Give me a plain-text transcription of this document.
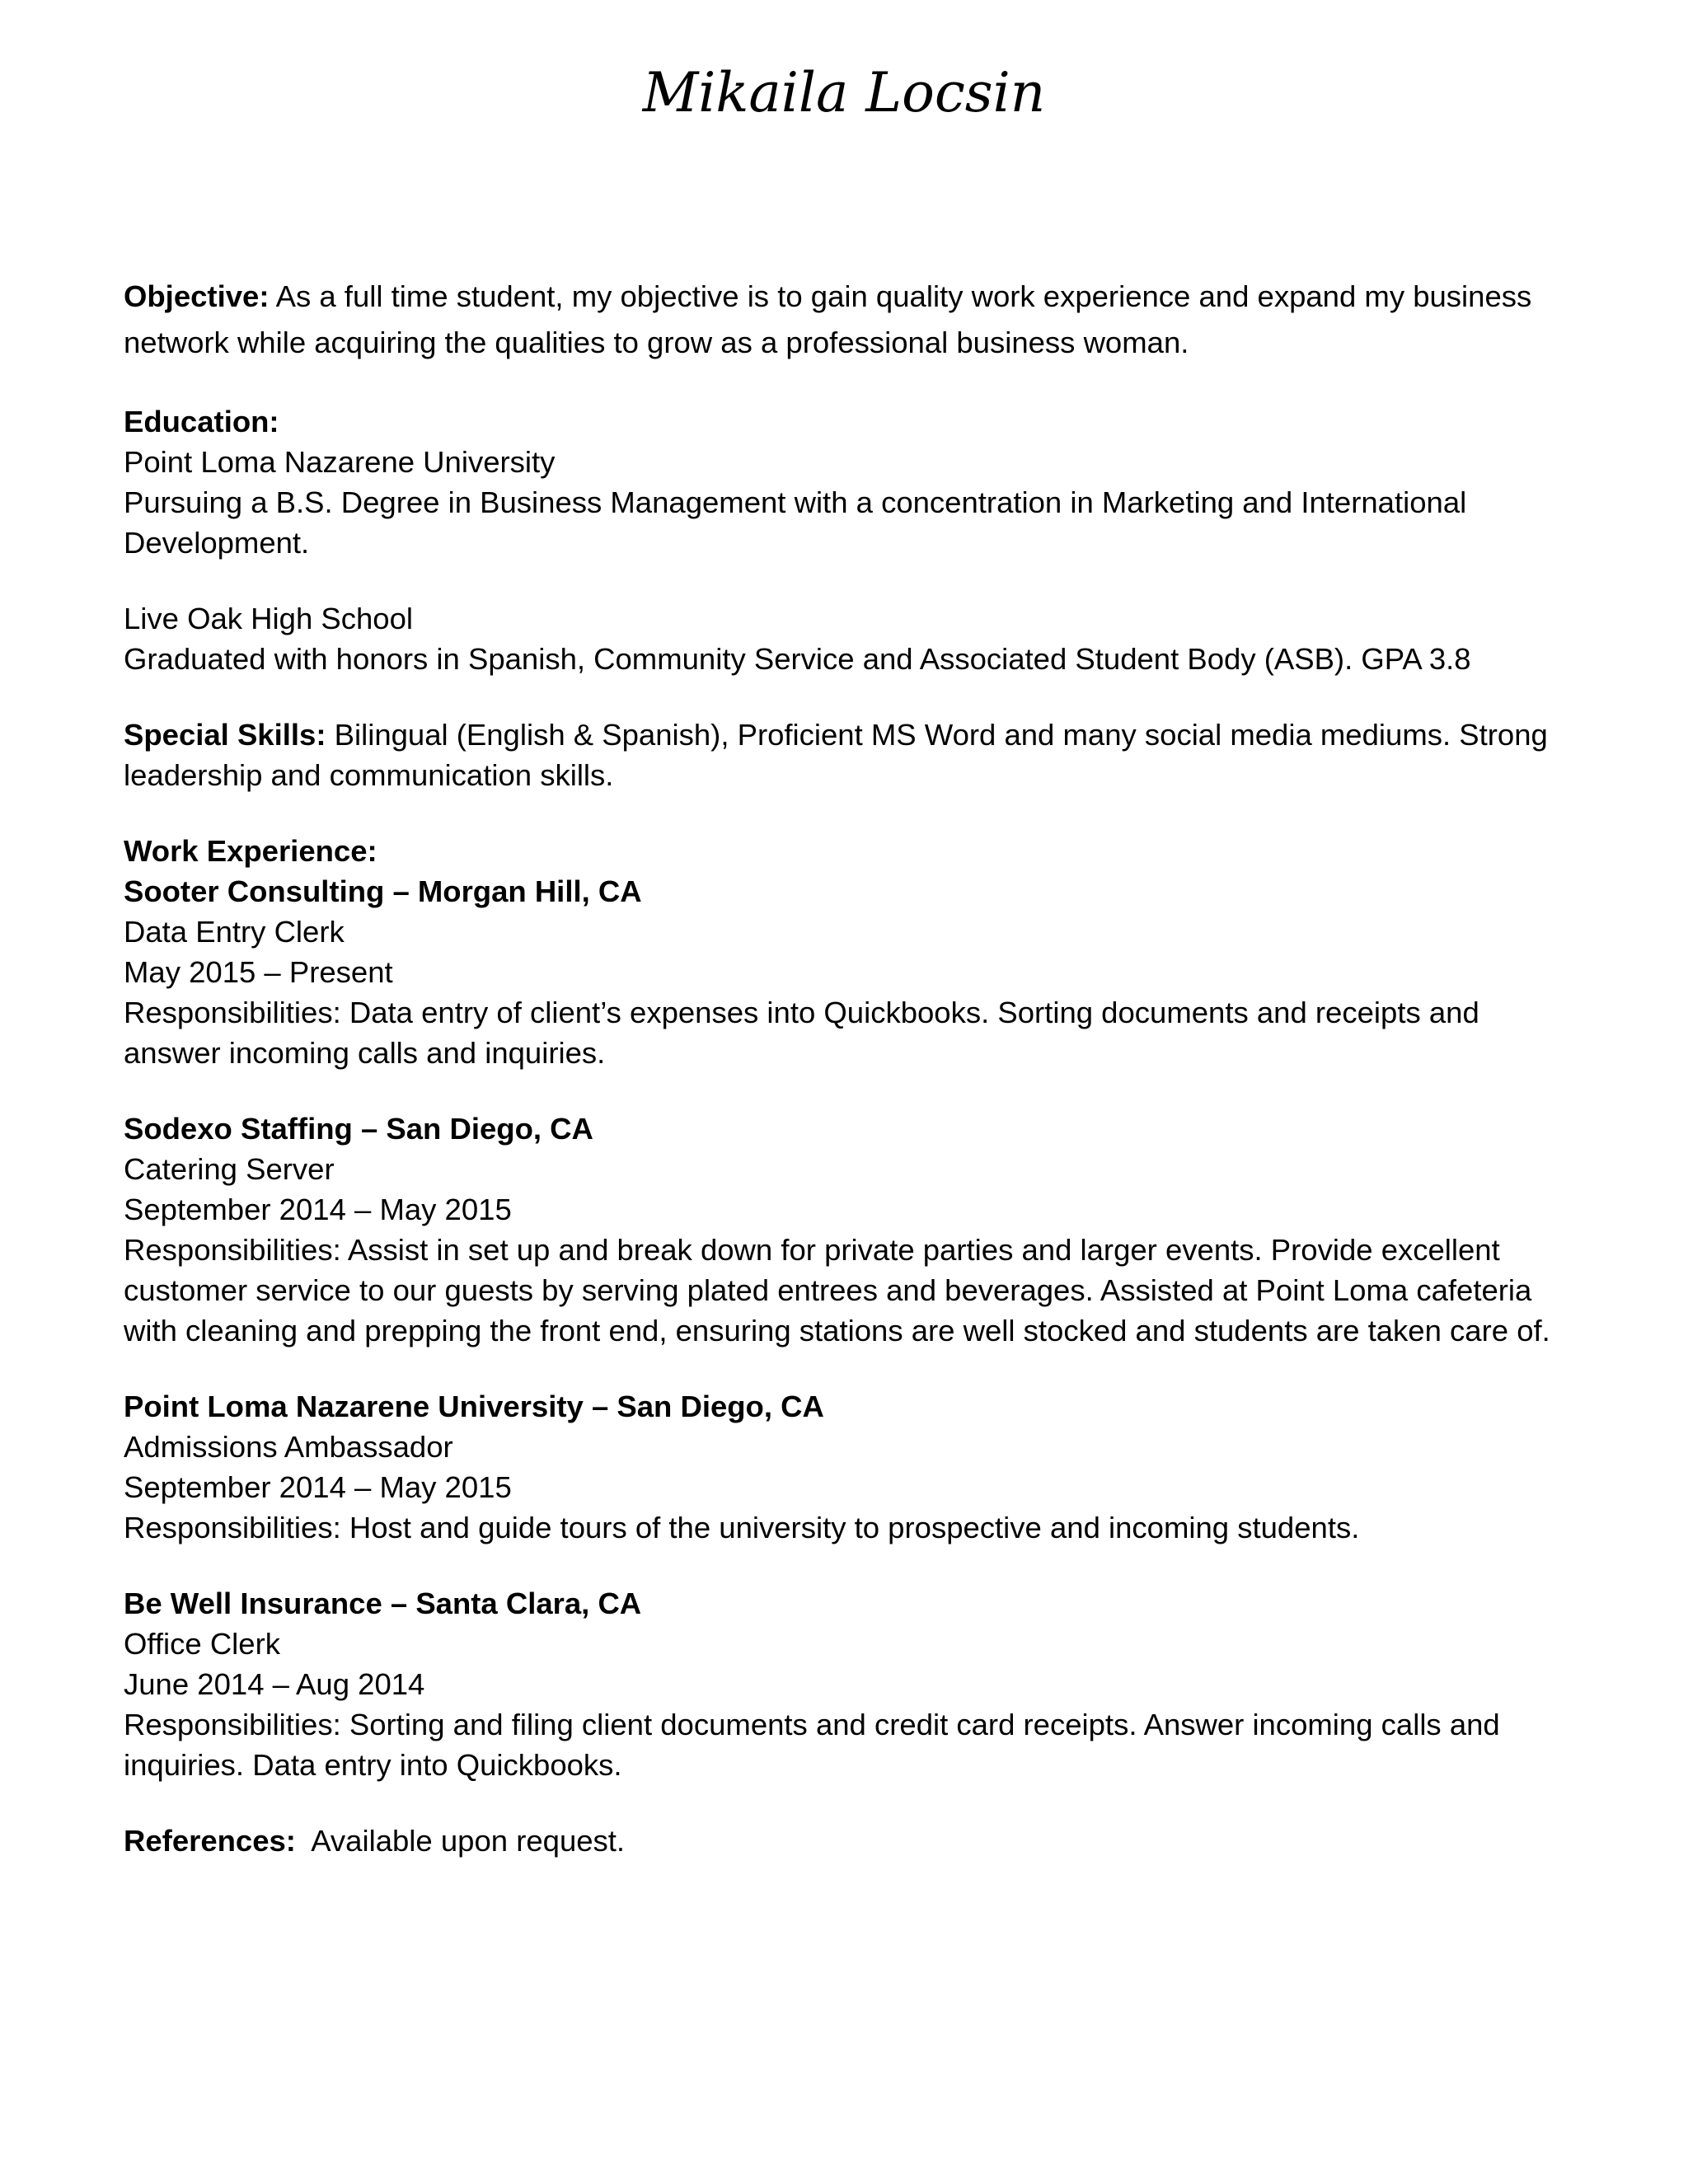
Mikaila Locsin
Objective: As a full time student, my objective is to gain quality work experience and expand my business
network while acquiring the qualities to grow as a professional business woman.
Education:
Point Loma Nazarene University
Pursuing a B.S. Degree in Business Management with a concentration in Marketing and International
Development.
Live Oak High School
Graduated with honors in Spanish, Community Service and Associated Student Body (ASB). GPA 3.8
Special Skills: Bilingual (English & Spanish), Proficient MS Word and many social media mediums. Strong
leadership and communication skills.
Work Experience:
Sooter Consulting – Morgan Hill, CA
Data Entry Clerk
May 2015 – Present
Responsibilities: Data entry of client’s expenses into Quickbooks. Sorting documents and receipts and
answer incoming calls and inquiries.
Sodexo Staffing – San Diego, CA
Catering Server
September 2014 – May 2015
Responsibilities: Assist in set up and break down for private parties and larger events. Provide excellent
customer service to our guests by serving plated entrees and beverages. Assisted at Point Loma cafeteria
with cleaning and prepping the front end, ensuring stations are well stocked and students are taken care of.
Point Loma Nazarene University – San Diego, CA
Admissions Ambassador
September 2014 – May 2015
Responsibilities: Host and guide tours of the university to prospective and incoming students.
Be Well Insurance – Santa Clara, CA
Office Clerk
June 2014 – Aug 2014
Responsibilities: Sorting and filing client documents and credit card receipts. Answer incoming calls and
inquiries. Data entry into Quickbooks.
References: Available upon request.
